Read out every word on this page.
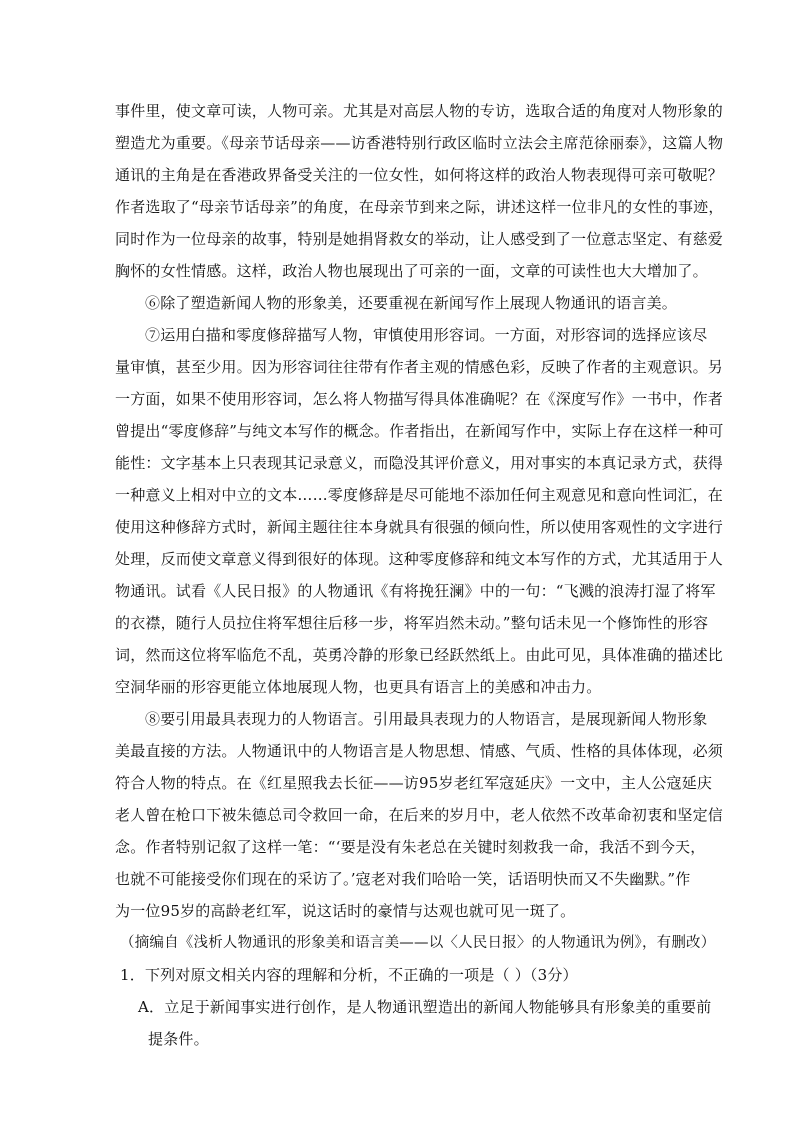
事件里，使文章可读，人物可亲。尤其是对高层人物的专访，选取合适的角度对人物形象的
塑造尤为重要。《母亲节话母亲——访香港特别行政区临时立法会主席范徐丽泰》，这篇人物
通讯的主角是在香港政界备受关注的一位女性，如何将这样的政治人物表现得可亲可敬呢？
作者选取了“母亲节话母亲”的角度，在母亲节到来之际，讲述这样一位非凡的女性的事迹，
同时作为一位母亲的故事，特别是她捐肾救女的举动，让人感受到了一位意志坚定、有慈爱
胸怀的女性情感。这样，政治人物也展现出了可亲的一面，文章的可读性也大大增加了。
⑥除了塑造新闻人物的形象美，还要重视在新闻写作上展现人物通讯的语言美。
⑦运用白描和零度修辞描写人物，审慎使用形容词。一方面，对形容词的选择应该尽
量审慎，甚至少用。因为形容词往往带有作者主观的情感色彩，反映了作者的主观意识。另
一方面，如果不使用形容词，怎么将人物描写得具体准确呢？在《深度写作》一书中，作者
曾提出“零度修辞”与纯文本写作的概念。作者指出，在新闻写作中，实际上存在这样一种可
能性：文字基本上只表现其记录意义，而隐没其评价意义，用对事实的本真记录方式，获得
一种意义上相对中立的文本……零度修辞是尽可能地不添加任何主观意见和意向性词汇，在
使用这种修辞方式时，新闻主题往往本身就具有很强的倾向性，所以使用客观性的文字进行
处理，反而使文章意义得到很好的体现。这种零度修辞和纯文本写作的方式，尤其适用于人
物通讯。试看《人民日报》的人物通讯《有将挽狂澜》中的一句：“飞溅的浪涛打湿了将军
的衣襟，随行人员拉住将军想往后移一步，将军岿然未动。”整句话未见一个修饰性的形容
词，然而这位将军临危不乱，英勇冷静的形象已经跃然纸上。由此可见，具体准确的描述比
空洞华丽的形容更能立体地展现人物，也更具有语言上的美感和冲击力。
⑧要引用最具表现力的人物语言。引用最具表现力的人物语言，是展现新闻人物形象
美最直接的方法。人物通讯中的人物语言是人物思想、情感、气质、性格的具体体现，必须
符合人物的特点。在《红星照我去长征——访95岁老红军寇延庆》一文中，主人公寇延庆
老人曾在枪口下被朱德总司令救回一命，在后来的岁月中，老人依然不改革命初衷和坚定信
念。作者特别记叙了这样一笔：“‘要是没有朱老总在关键时刻救我一命，我活不到今天，
也就不可能接受你们现在的采访了。’寇老对我们哈哈一笑，话语明快而又不失幽默。”作
为一位95岁的高龄老红军，说这话时的豪情与达观也就可见一斑了。
（摘编自《浅析人物通讯的形象美和语言美——以〈人民日报〉的人物通讯为例》，有删改）
1．下列对原文相关内容的理解和分析，不正确的一项是（ ）（3分）
A．立足于新闻事实进行创作，是人物通讯塑造出的新闻人物能够具有形象美的重要前
提条件。
